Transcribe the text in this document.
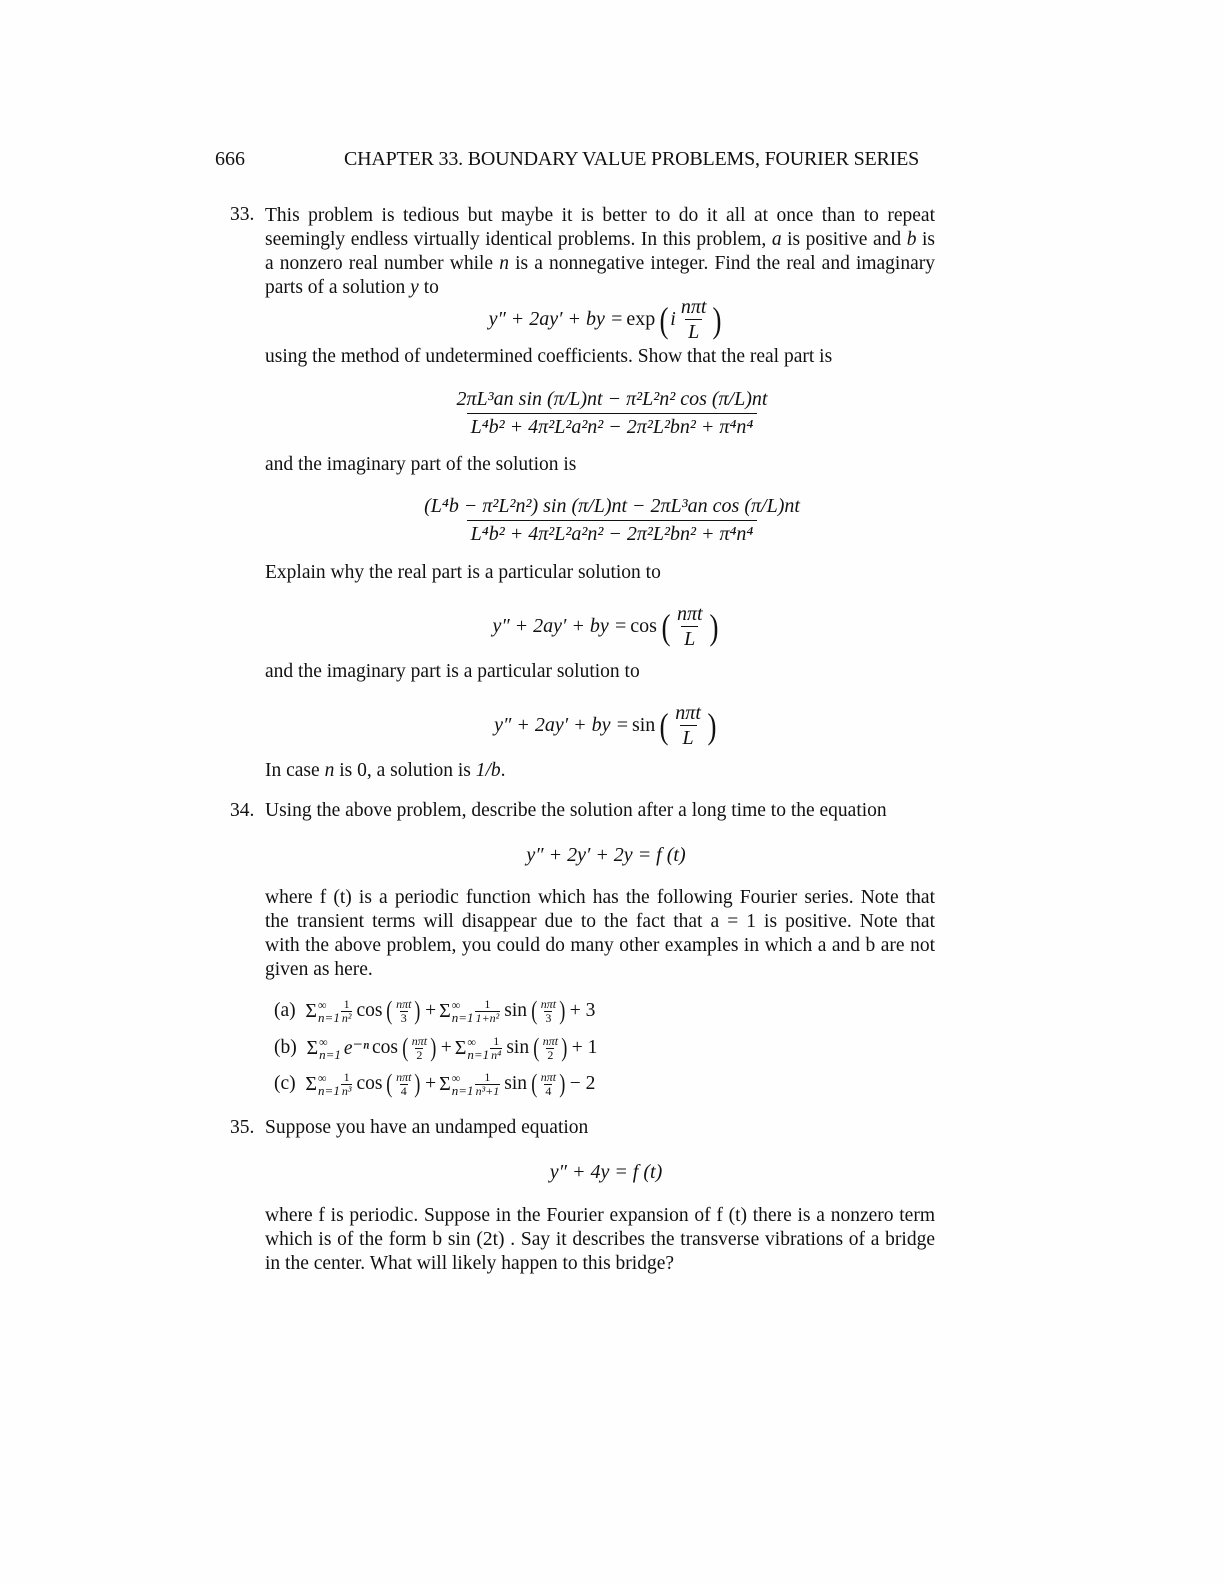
666	CHAPTER 33. BOUNDARY VALUE PROBLEMS, FOURIER SERIES
33. This problem is tedious but maybe it is better to do it all at once than to repeat
seemingly endless virtually identical problems. In this problem, a is positive and b is
a nonzero real number while n is a nonnegative integer. Find the real and imaginary
parts of a solution y to
y″ + 2ay′ + by = exp ( i $\frac{\text{nπt}}{L}$ )
using the method of undetermined coefficients. Show that the real part is
$\frac{\text{2πL³an sin (π/L)nt − π²L²n² cos (π/L)nt}}{\text{L⁴b² + 4π²L²a²n² − 2π²L²bn² + π⁴n⁴}}$
and the imaginary part of the solution is
$\frac{\text{(L⁴b − π²L²n²) sin (π/L)nt − 2πL³an cos (π/L)nt}}{\text{L⁴b² + 4π²L²a²n² − 2π²L²bn² + π⁴n⁴}}$
Explain why the real part is a particular solution to
y″ + 2ay′ + by = cos ( $\frac{\text{nπt}}{L}$ )
and the imaginary part is a particular solution to
y″ + 2ay′ + by = sin ( $\frac{\text{nπt}}{L}$ )
In case n is 0, a solution is 1/b.
34. Using the above problem, describe the solution after a long time to the equation
y″ + 2y′ + 2y = f (t)
where f (t) is a periodic function which has the following Fourier series. Note that
the transient terms will disappear due to the fact that a = 1 is positive. Note that
with the above problem, you could do many other examples in which a and b are not
given as here.
(a)
Σ ∞
n=1
1
n² cos ( nπt
3 ) + Σ ∞
n=1
1
1+n² sin ( nπt
3 ) + 3
(b)
Σ ∞
n=1 e⁻ⁿ cos ( nπt
2 ) + Σ ∞
n=1
1
n⁴ sin ( nπt
2 ) + 1
(c)
Σ ∞
n=1
1
n³ cos ( nπt
4 ) + Σ ∞
n=1
1
n³+1 sin ( nπt
4 ) − 2
35. Suppose you have an undamped equation
y″ + 4y = f (t)
where f is periodic. Suppose in the Fourier expansion of f (t) there is a nonzero term
which is of the form b sin (2t) . Say it describes the transverse vibrations of a bridge
in the center. What will likely happen to this bridge?
